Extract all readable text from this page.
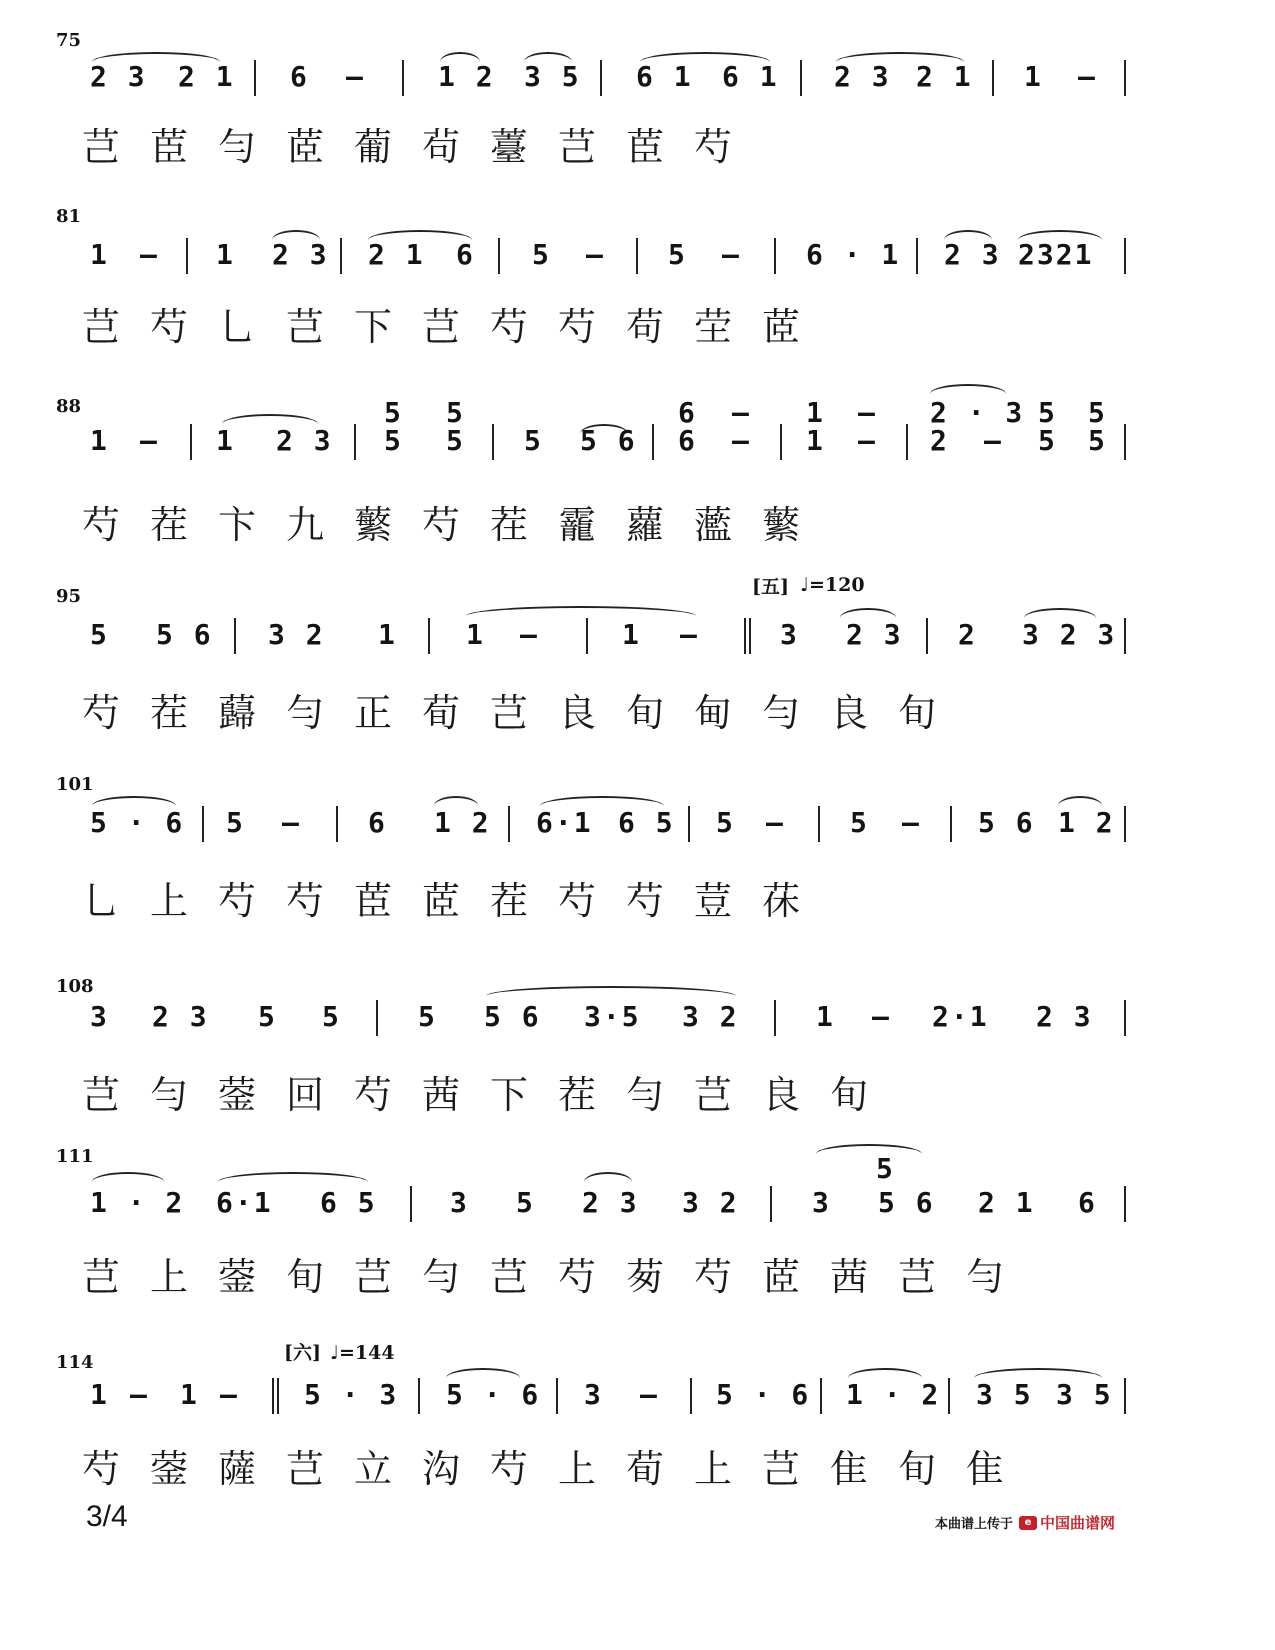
75
2 3 2 1 6 —	1 2 3 5 6 1 6 1 2 3 2 1 1 —
芑茞勻茝葡茍薹芑茞芍
81
1 — 1 2 3 2 1 6 5 — 5 — 6 · 1 2 3 2321
芑芍乚芑下芑芍芍苟茔茝
88	5 5	6 — 1 — 2 · 3 5 5
1 — 1 2 3 5 5 5 5 6 6 — 1 — 2 — 5 5
芍茬卞九蘩芍茬靇蘿蘫蘩
95	[五] ♩=120
5 5 6 3 2 1 1 —	1 —	3 2 3 2 3 2 3
芍茬蘬勻正荀芑良旬甸勻良旬
101
5 · 6 5 — 6 1 2 6·1 6 5 5 — 5 — 5 6 1 2
乚上芍芍茞茝茬芍芍荳茠
108
3 2 3 5 5	5 5 6 3·5 3 2	1 — 2·1 2 3
芑勻蓥回芍茜下茬勻芑良旬
111	5
1 · 2 6·1 6 5	3 5 2 3 3 2	3 5 6 2 1 6
芑上蓥旬芑勻芑芍茐芍茝茜芑勻
114	[六] ♩=144
1 — 1 — 5 · 3 5 · 6 3 — 5 · 6 1 · 2 3 5 3 5
芍蓥薩芑立沟芍上荀上芑隹旬隹
3/4	本曲谱上传于	e 中国曲谱网
